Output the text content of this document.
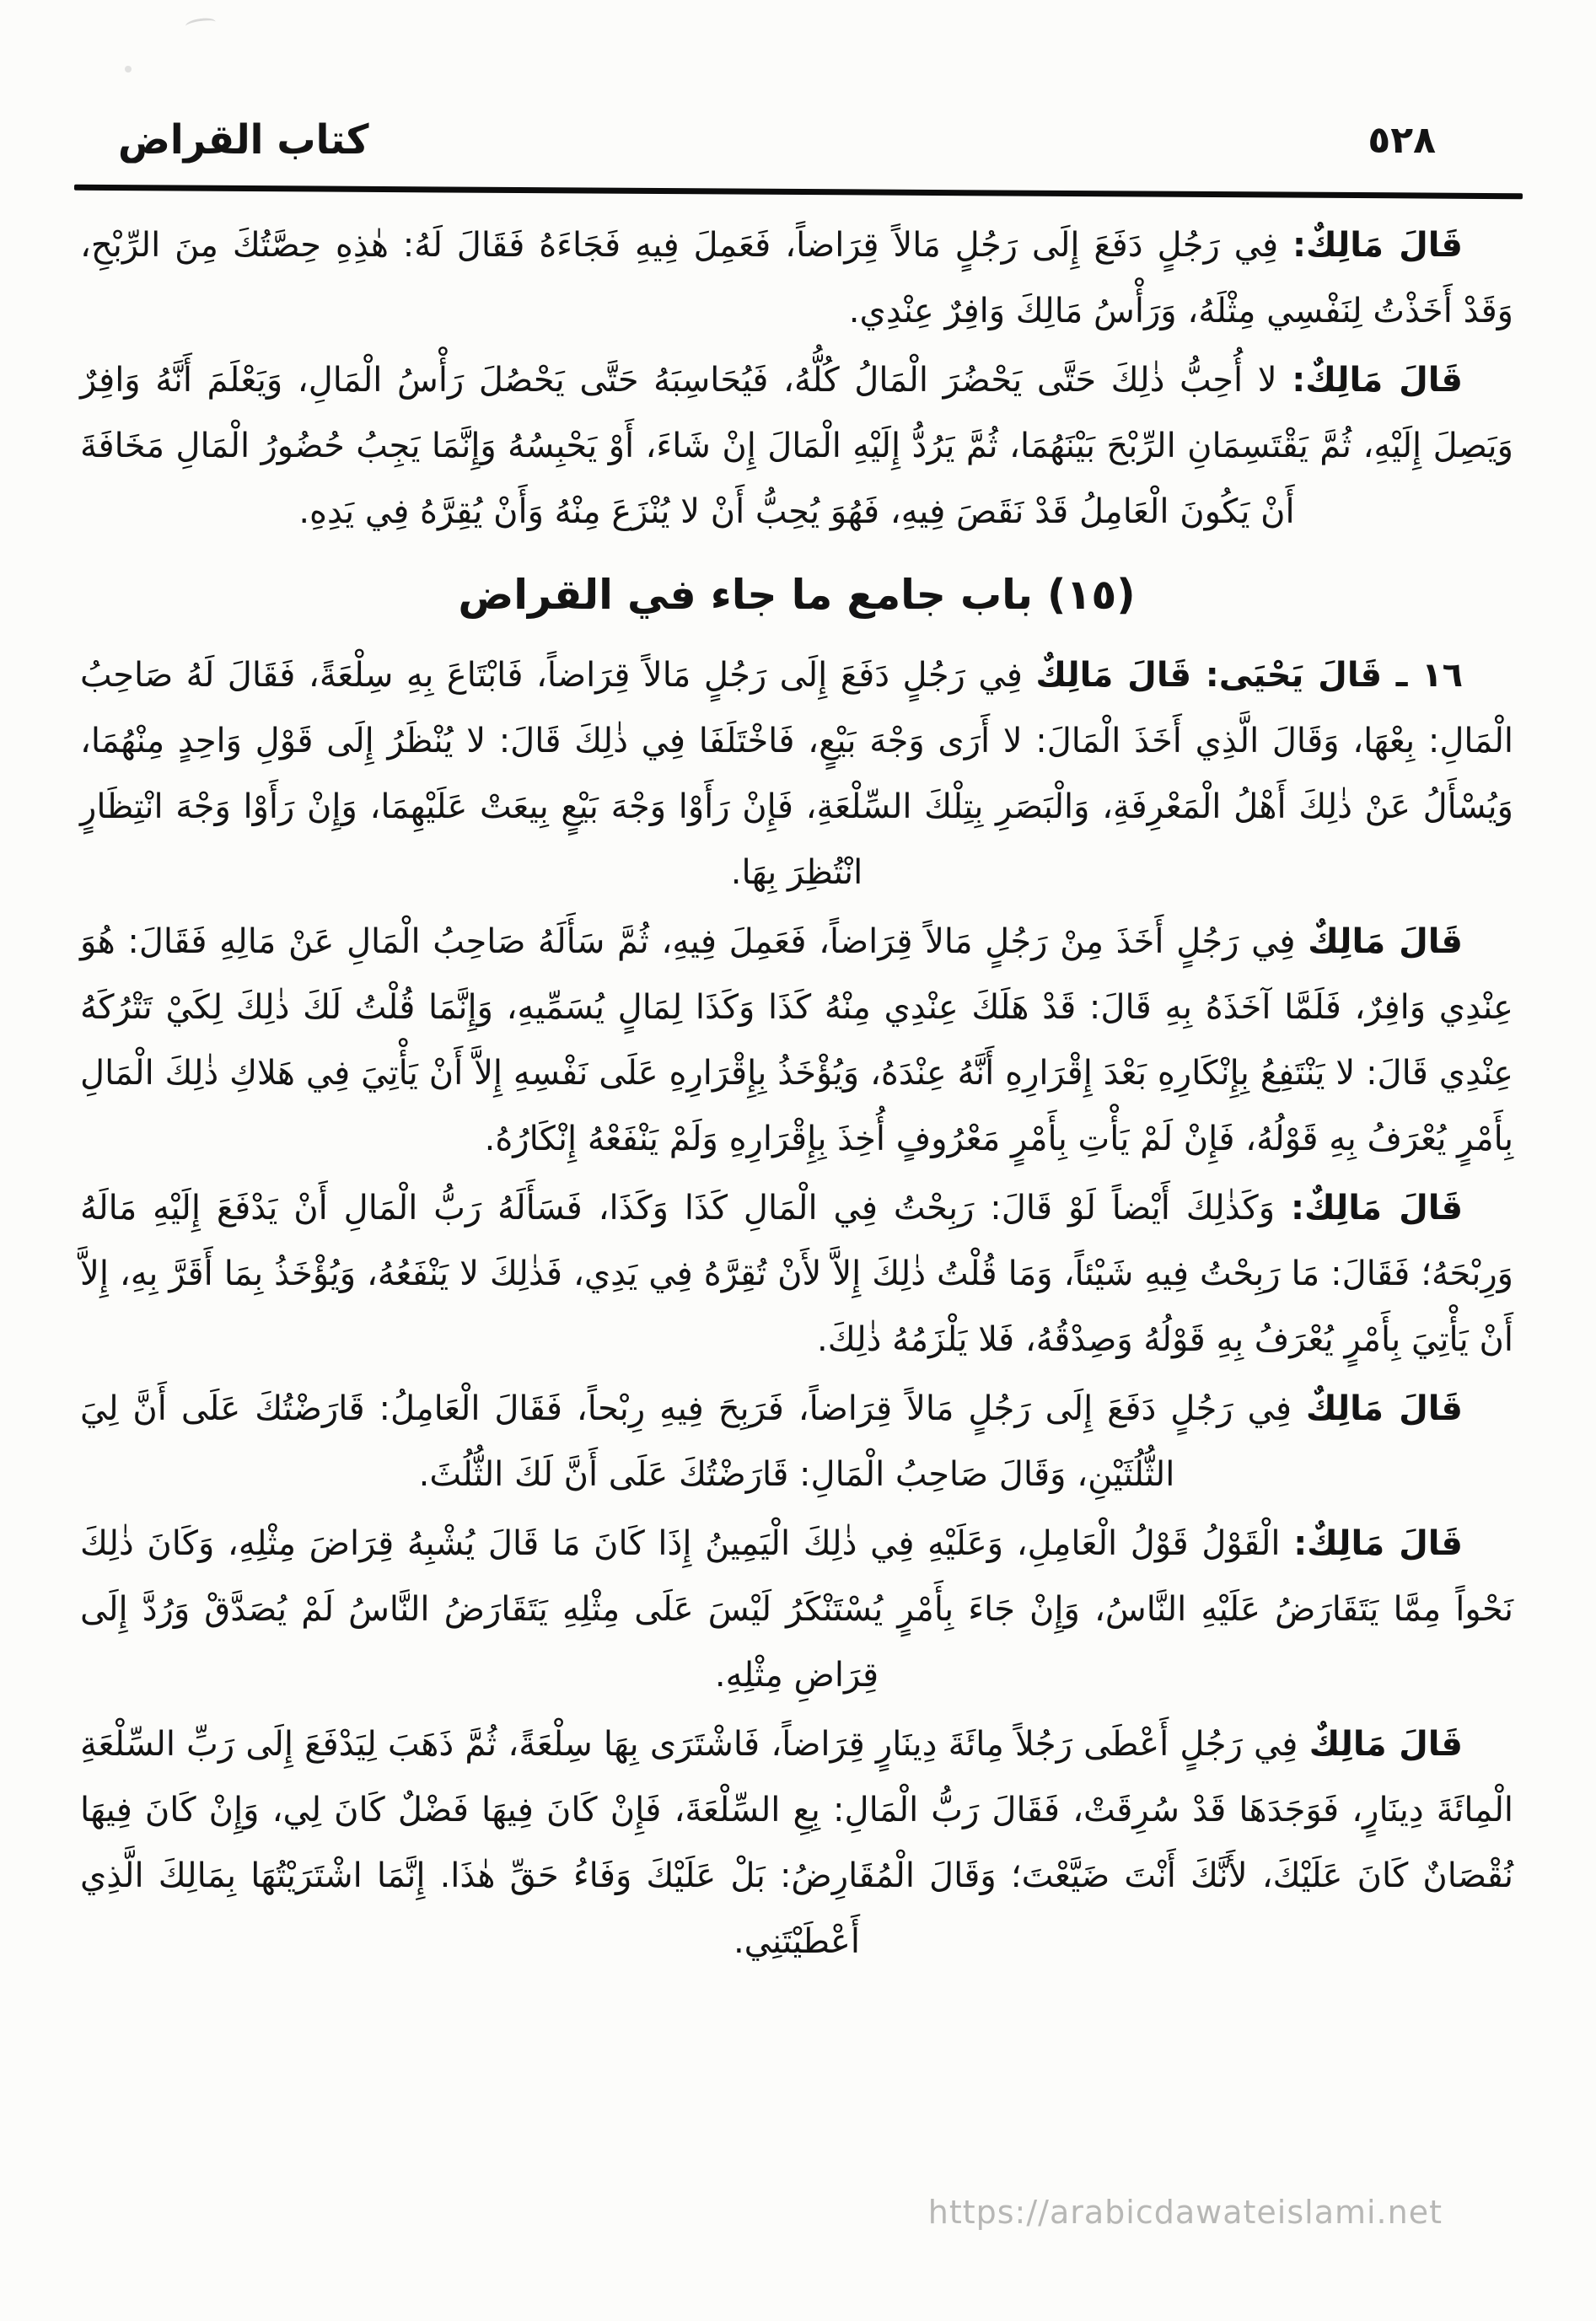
كتاب القراض	٥٢٨

قَالَ مَالِكٌ: فِي رَجُلٍ دَفَعَ إِلَى رَجُلٍ مَالاً قِرَاضاً، فَعَمِلَ فِيهِ فَجَاءَهُ فَقَالَ لَهُ: هٰذِهِ حِصَّتُكَ مِنَ الرِّبْحِ، وَقَدْ أَخَذْتُ لِنَفْسِي مِثْلَهُ، وَرَأْسُ مَالِكَ وَافِرٌ عِنْدِي.

قَالَ مَالِكٌ: لا أُحِبُّ ذٰلِكَ حَتَّى يَحْضُرَ الْمَالُ كُلُّهُ، فَيُحَاسِبَهُ حَتَّى يَحْصُلَ رَأْسُ الْمَالِ، وَيَعْلَمَ أَنَّهُ وَافِرٌ وَيَصِلَ إِلَيْهِ، ثُمَّ يَقْتَسِمَانِ الرِّبْحَ بَيْنَهُمَا، ثُمَّ يَرُدُّ إِلَيْهِ الْمَالَ إِنْ شَاءَ، أَوْ يَحْبِسُهُ وَإِنَّمَا يَجِبُ حُضُورُ الْمَالِ مَخَافَةَ أَنْ يَكُونَ الْعَامِلُ قَدْ نَقَصَ فِيهِ، فَهُوَ يُحِبُّ أَنْ لا يُنْزَعَ مِنْهُ وَأَنْ يُقِرَّهُ فِي يَدِهِ.

(١٥) باب جامع ما جاء في القراض

١٦ ـ قَالَ يَحْيَى: قَالَ مَالِكٌ فِي رَجُلٍ دَفَعَ إِلَى رَجُلٍ مَالاً قِرَاضاً، فَابْتَاعَ بِهِ سِلْعَةً، فَقَالَ لَهُ صَاحِبُ الْمَالِ: بِعْهَا، وَقَالَ الَّذِي أَخَذَ الْمَالَ: لا أَرَى وَجْهَ بَيْعٍ، فَاخْتَلَفَا فِي ذٰلِكَ قَالَ: لا يُنْظَرُ إِلَى قَوْلِ وَاحِدٍ مِنْهُمَا، وَيُسْأَلُ عَنْ ذٰلِكَ أَهْلُ الْمَعْرِفَةِ، وَالْبَصَرِ بِتِلْكَ السِّلْعَةِ، فَإِنْ رَأَوْا وَجْهَ بَيْعٍ بِيعَتْ عَلَيْهِمَا، وَإِنْ رَأَوْا وَجْهَ انْتِظَارٍ انْتُظِرَ بِهَا.

قَالَ مَالِكٌ فِي رَجُلٍ أَخَذَ مِنْ رَجُلٍ مَالاً قِرَاضاً، فَعَمِلَ فِيهِ، ثُمَّ سَأَلَهُ صَاحِبُ الْمَالِ عَنْ مَالِهِ فَقَالَ: هُوَ عِنْدِي وَافِرٌ، فَلَمَّا آخَذَهُ بِهِ قَالَ: قَدْ هَلَكَ عِنْدِي مِنْهُ كَذَا وَكَذَا لِمَالٍ يُسَمِّيهِ، وَإِنَّمَا قُلْتُ لَكَ ذٰلِكَ لِكَيْ تَتْرُكَهُ عِنْدِي قَالَ: لا يَنْتَفِعُ بِإِنْكَارِهِ بَعْدَ إِقْرَارِهِ أَنَّهُ عِنْدَهُ، وَيُؤْخَذُ بِإِقْرَارِهِ عَلَى نَفْسِهِ إِلاَّ أَنْ يَأْتِيَ فِي هَلاكِ ذٰلِكَ الْمَالِ بِأَمْرٍ يُعْرَفُ بِهِ قَوْلُهُ، فَإِنْ لَمْ يَأْتِ بِأَمْرٍ مَعْرُوفٍ أُخِذَ بِإِقْرَارِهِ وَلَمْ يَنْفَعْهُ إِنْكَارُهُ.

قَالَ مَالِكٌ: وَكَذٰلِكَ أَيْضاً لَوْ قَالَ: رَبِحْتُ فِي الْمَالِ كَذَا وَكَذَا، فَسَأَلَهُ رَبُّ الْمَالِ أَنْ يَدْفَعَ إِلَيْهِ مَالَهُ وَرِبْحَهُ؛ فَقَالَ: مَا رَبِحْتُ فِيهِ شَيْئاً، وَمَا قُلْتُ ذٰلِكَ إِلاَّ لأَنْ تُقِرَّهُ فِي يَدِي، فَذٰلِكَ لا يَنْفَعُهُ، وَيُؤْخَذُ بِمَا أَقَرَّ بِهِ، إِلاَّ أَنْ يَأْتِيَ بِأَمْرٍ يُعْرَفُ بِهِ قَوْلُهُ وَصِدْقُهُ، فَلا يَلْزَمُهُ ذٰلِكَ.

قَالَ مَالِكٌ فِي رَجُلٍ دَفَعَ إِلَى رَجُلٍ مَالاً قِرَاضاً، فَرَبِحَ فِيهِ رِبْحاً، فَقَالَ الْعَامِلُ: قَارَضْتُكَ عَلَى أَنَّ لِيَ الثُّلُثَيْنِ، وَقَالَ صَاحِبُ الْمَالِ: قَارَضْتُكَ عَلَى أَنَّ لَكَ الثُّلُثَ.

قَالَ مَالِكٌ: الْقَوْلُ قَوْلُ الْعَامِلِ، وَعَلَيْهِ فِي ذٰلِكَ الْيَمِينُ إِذَا كَانَ مَا قَالَ يُشْبِهُ قِرَاضَ مِثْلِهِ، وَكَانَ ذٰلِكَ نَحْواً مِمَّا يَتَقَارَضُ عَلَيْهِ النَّاسُ، وَإِنْ جَاءَ بِأَمْرٍ يُسْتَنْكَرُ لَيْسَ عَلَى مِثْلِهِ يَتَقَارَضُ النَّاسُ لَمْ يُصَدَّقْ وَرُدَّ إِلَى قِرَاضِ مِثْلِهِ.

قَالَ مَالِكٌ فِي رَجُلٍ أَعْطَى رَجُلاً مِائَةَ دِينَارٍ قِرَاضاً، فَاشْتَرَى بِهَا سِلْعَةً، ثُمَّ ذَهَبَ لِيَدْفَعَ إِلَى رَبِّ السِّلْعَةِ الْمِائَةَ دِينَارٍ، فَوَجَدَهَا قَدْ سُرِقَتْ، فَقَالَ رَبُّ الْمَالِ: بِعِ السِّلْعَةَ، فَإِنْ كَانَ فِيهَا فَضْلٌ كَانَ لِي، وَإِنْ كَانَ فِيهَا نُقْصَانٌ كَانَ عَلَيْكَ، لأَنَّكَ أَنْتَ ضَيَّعْتَ؛ وَقَالَ الْمُقَارِضُ: بَلْ عَلَيْكَ وَفَاءُ حَقِّ هٰذَا. إِنَّمَا اشْتَرَيْتُهَا بِمَالِكَ الَّذِي أَعْطَيْتَنِي.

https://arabicdawateislami.net
